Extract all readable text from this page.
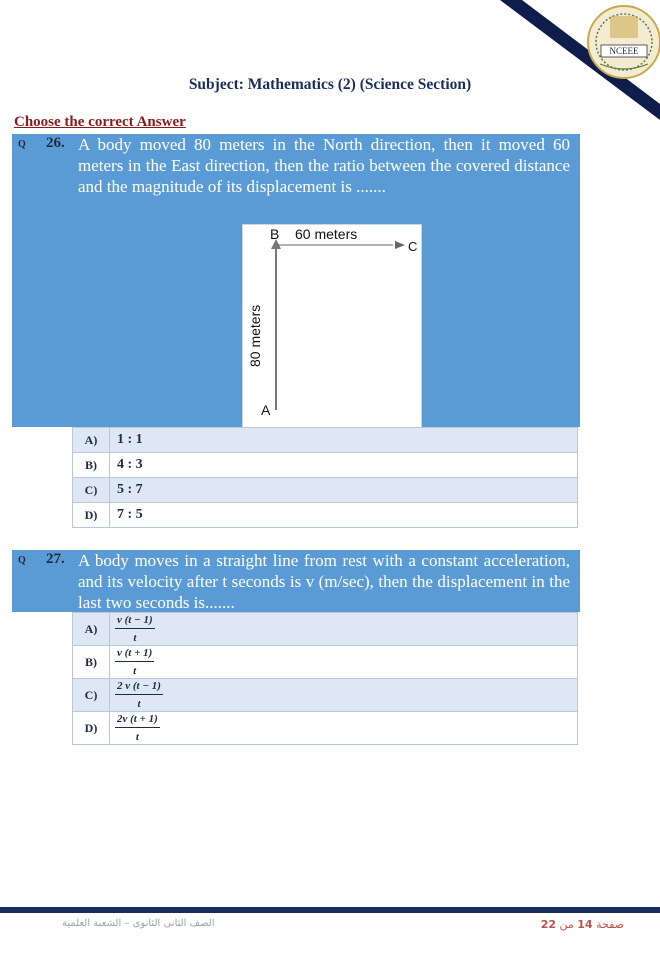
NCEEE
Subject: Mathematics (2) (Science Section)
Choose the correct Answer
Q 26. A body moved 80 meters in the North direction, then it moved 60 meters in the East direction, then the ratio between the covered distance and the magnitude of its displacement is .......
B 60 meters
C
A
80 meters
A)	1 : 1
B)	4 : 3
C)	5 : 7
D)	7 : 5
Q 27. A body moves in a straight line from rest with a constant acceleration, and its velocity after t seconds is v (m/sec), then the displacement in the last two seconds is.......
A)	$\frac{v (t - 1)}{t}$
B)	$\frac{v (t + 1)}{t}$
C)	$\frac{2 v (t - 1)}{t}$
D)	$\frac{2v (t + 1)}{t}$
الصف الثانى الثانوى – الشعبة العلمية	صفحة 14 من 22
